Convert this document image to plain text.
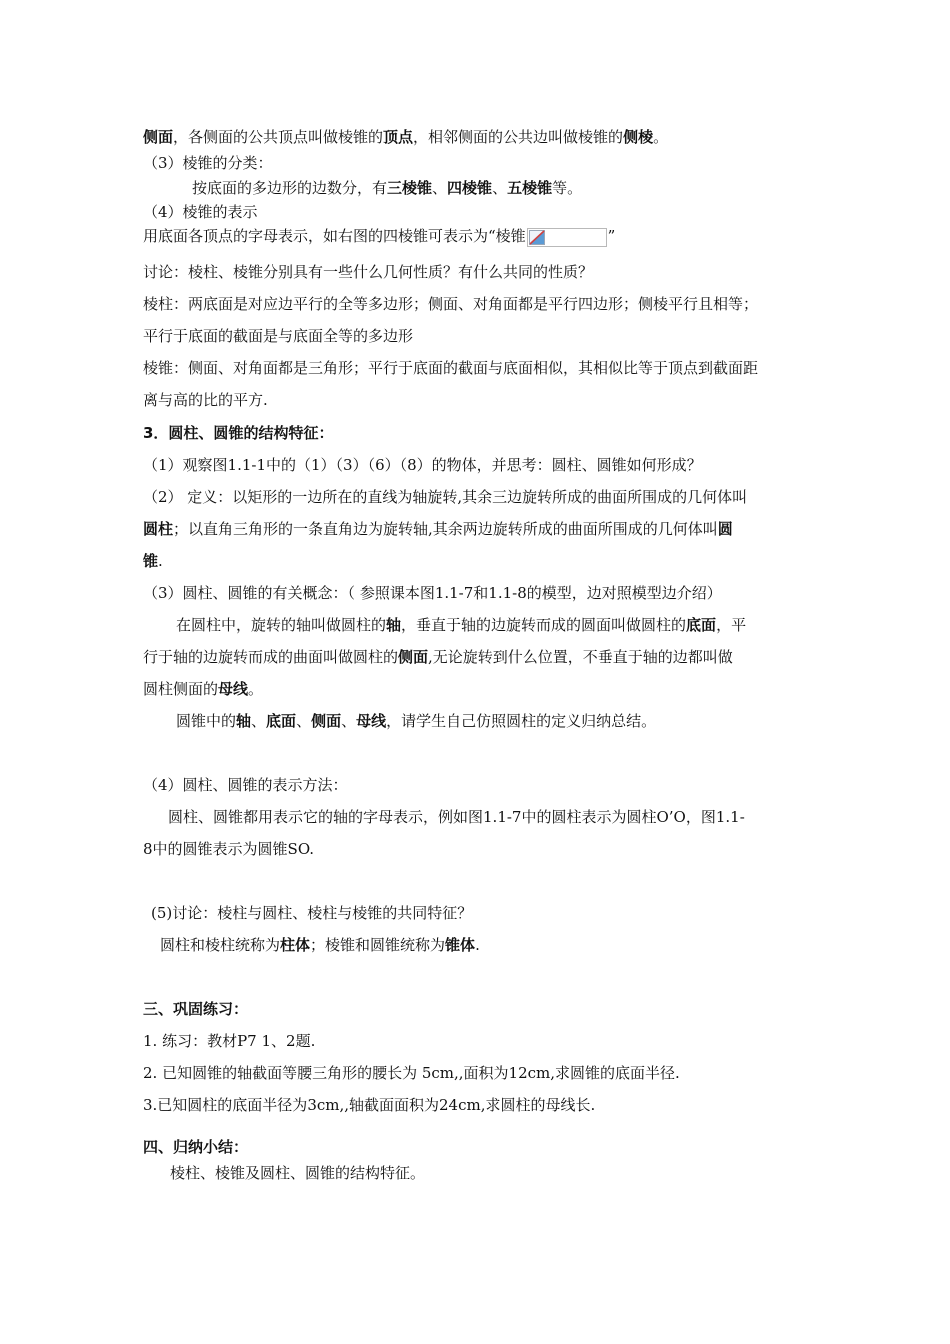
侧面，各侧面的公共顶点叫做棱锥的顶点，相邻侧面的公共边叫做棱锥的侧棱。
（3）棱锥的分类：
按底面的多边形的边数分，有三棱锥、四棱锥、五棱锥等。
（4）棱锥的表示
用底面各顶点的字母表示，如右图的四棱锥可表示为“棱锥	”
讨论：棱柱、棱锥分别具有一些什么几何性质？有什么共同的性质？
棱柱：两底面是对应边平行的全等多边形；侧面、对角面都是平行四边形；侧棱平行且相等；
平行于底面的截面是与底面全等的多边形
棱锥：侧面、对角面都是三角形；平行于底面的截面与底面相似，其相似比等于顶点到截面距
离与高的比的平方.
3．圆柱、圆锥的结构特征：
（1）观察图1.1-1中的（1）（3）（6）（8）的物体，并思考：圆柱、圆锥如何形成？
（2） 定义：以矩形的一边所在的直线为轴旋转,其余三边旋转所成的曲面所围成的几何体叫
圆柱；以直角三角形的一条直角边为旋转轴,其余两边旋转所成的曲面所围成的几何体叫圆
锥.
（3）圆柱、圆锥的有关概念：（ 参照课本图1.1-7和1.1-8的模型，边对照模型边介绍）
在圆柱中，旋转的轴叫做圆柱的轴，垂直于轴的边旋转而成的圆面叫做圆柱的底面，平
行于轴的边旋转而成的曲面叫做圆柱的侧面,无论旋转到什么位置，不垂直于轴的边都叫做
圆柱侧面的母线。
圆锥中的轴、底面、侧面、母线，请学生自己仿照圆柱的定义归纳总结。
（4）圆柱、圆锥的表示方法：
圆柱、圆锥都用表示它的轴的字母表示，例如图1.1-7中的圆柱表示为圆柱O’O，图1.1-
8中的圆锥表示为圆锥SO.
(5)讨论：棱柱与圆柱、棱柱与棱锥的共同特征？
圆柱和棱柱统称为柱体；棱锥和圆锥统称为锥体.
三、巩固练习：
1. 练习：教材P7 1、2题.
2. 已知圆锥的轴截面等腰三角形的腰长为 5cm,,面积为12cm,求圆锥的底面半径.
3.已知圆柱的底面半径为3cm,,轴截面面积为24cm,求圆柱的母线长.
四、归纳小结：
棱柱、棱锥及圆柱、圆锥的结构特征。
